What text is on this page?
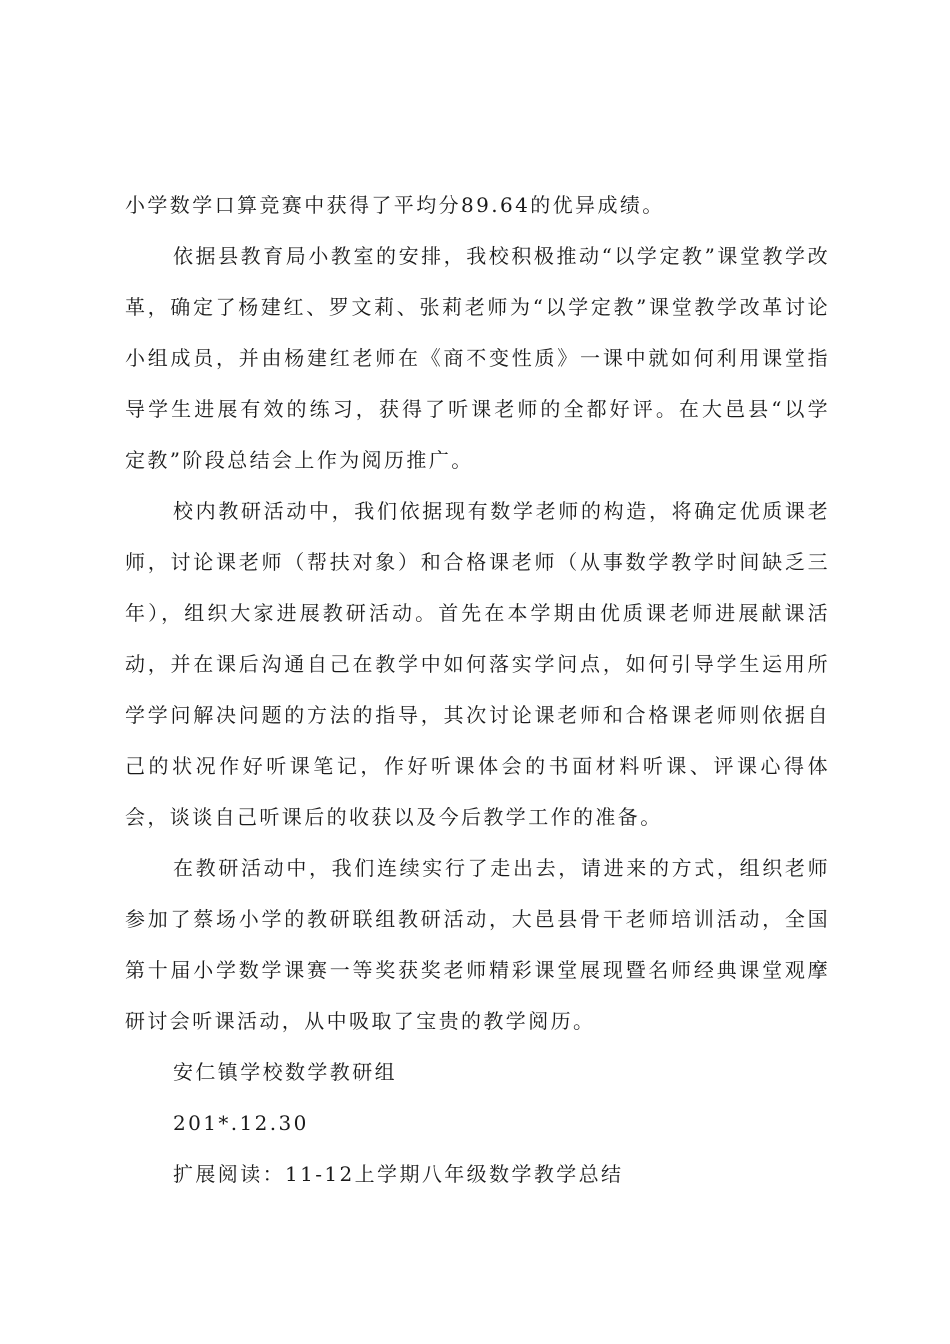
小学数学口算竞赛中获得了平均分89.64的优异成绩。

依据县教育局小教室的安排，我校积极推动“以学定教”课堂教学改革，确定了杨建红、罗文莉、张莉老师为“以学定教”课堂教学改革讨论小组成员，并由杨建红老师在《商不变性质》一课中就如何利用课堂指导学生进展有效的练习，获得了听课老师的全都好评。在大邑县“以学定教”阶段总结会上作为阅历推广。

校内教研活动中，我们依据现有数学老师的构造，将确定优质课老师，讨论课老师（帮扶对象）和合格课老师（从事数学教学时间缺乏三年），组织大家进展教研活动。首先在本学期由优质课老师进展献课活动，并在课后沟通自己在教学中如何落实学问点，如何引导学生运用所学学问解决问题的方法的指导，其次讨论课老师和合格课老师则依据自己的状况作好听课笔记，作好听课体会的书面材料听课、评课心得体会，谈谈自己听课后的收获以及今后教学工作的准备。

在教研活动中，我们连续实行了走出去，请进来的方式，组织老师参加了蔡场小学的教研联组教研活动，大邑县骨干老师培训活动，全国第十届小学数学课赛一等奖获奖老师精彩课堂展现暨名师经典课堂观摩研讨会听课活动，从中吸取了宝贵的教学阅历。

安仁镇学校数学教研组

201*.12.30

扩展阅读：11-12上学期八年级数学教学总结
